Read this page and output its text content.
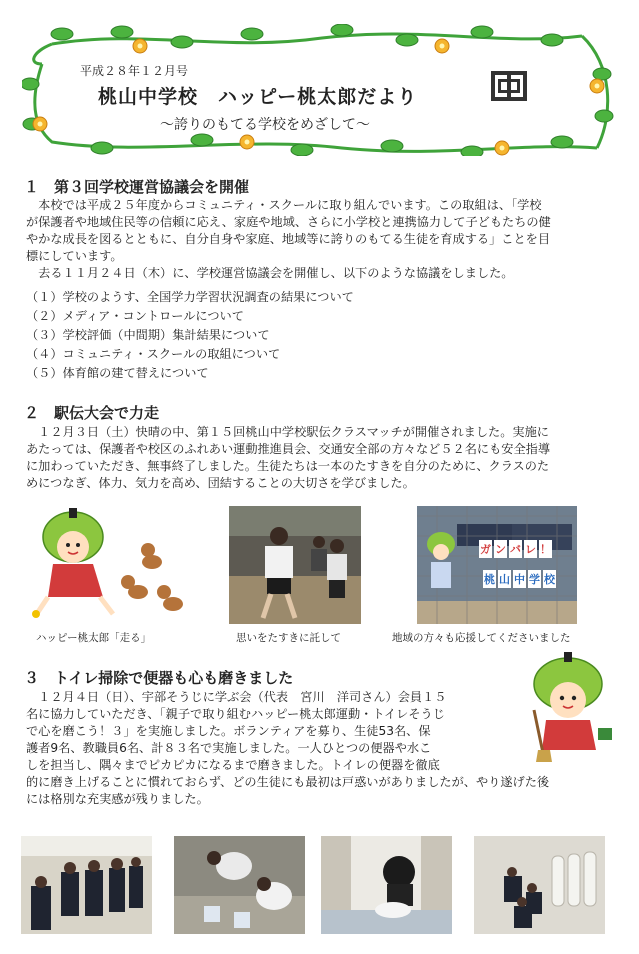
平成２８年１２月号
桃山中学校　ハッピー桃太郎だより
～誇りのもてる学校をめざして～
１　第３回学校運営協議会を開催

　本校では平成２５年度からコミュニティ・スクールに取り組んでいます。この取組は、「学校

が保護者や地域住民等の信頼に応え、家庭や地域、さらに小学校と連携協力して子どもたちの健

やかな成長を図るとともに、自分自身や家庭、地域等に誇りのもてる生徒を育成する」ことを目

標にしています。

　去る１１月２４日（木）に、学校運営協議会を開催し、以下のような協議をしました。

（１）学校のようす、全国学力学習状況調査の結果について
（２）メディア・コントロールについて
（３）学校評価（中間期）集計結果について
（４）コミュニティ・スクールの取組について
（５）体育館の建て替えについて
２　駅伝大会で力走

　１２月３日（土）快晴の中、第１５回桃山中学校駅伝クラスマッチが開催されました。実施に

あたっては、保護者や校区のふれあい運動推進員会、交通安全部の方々など５２名にも安全指導

に加わっていただき、無事終了しました。生徒たちは一本のたすきを自分のために、クラスのた

めにつなぎ、体力、気力を高め、団結することの大切さを学びました。

ハッピー桃太郎「走る」	思いをたすきに託して
ガ ン バ レ ！
桃 山 中 学 校
地域の方々も応援してくださいました
３　トイレ掃除で便器も心も磨きました

　１２月４日（日）、宇部そうじに学ぶ会（代表　宮川　洋司さん）会員１５

名に協力していただき、「親子で取り組むハッピー桃太郎運動・トイレそうじ

で心を磨こう！３」を実施しました。ボランティアを募り、生徒53名、保

護者9名、教職員6名、計８３名で実施しました。一人ひとつの便器や水こ

しを担当し、隅々までピカピカになるまで磨きました。トイレの便器を徹底

的に磨き上げることに慣れておらず、どの生徒にも最初は戸惑いがありましたが、やり遂げた後

には格別な充実感が残りました。
